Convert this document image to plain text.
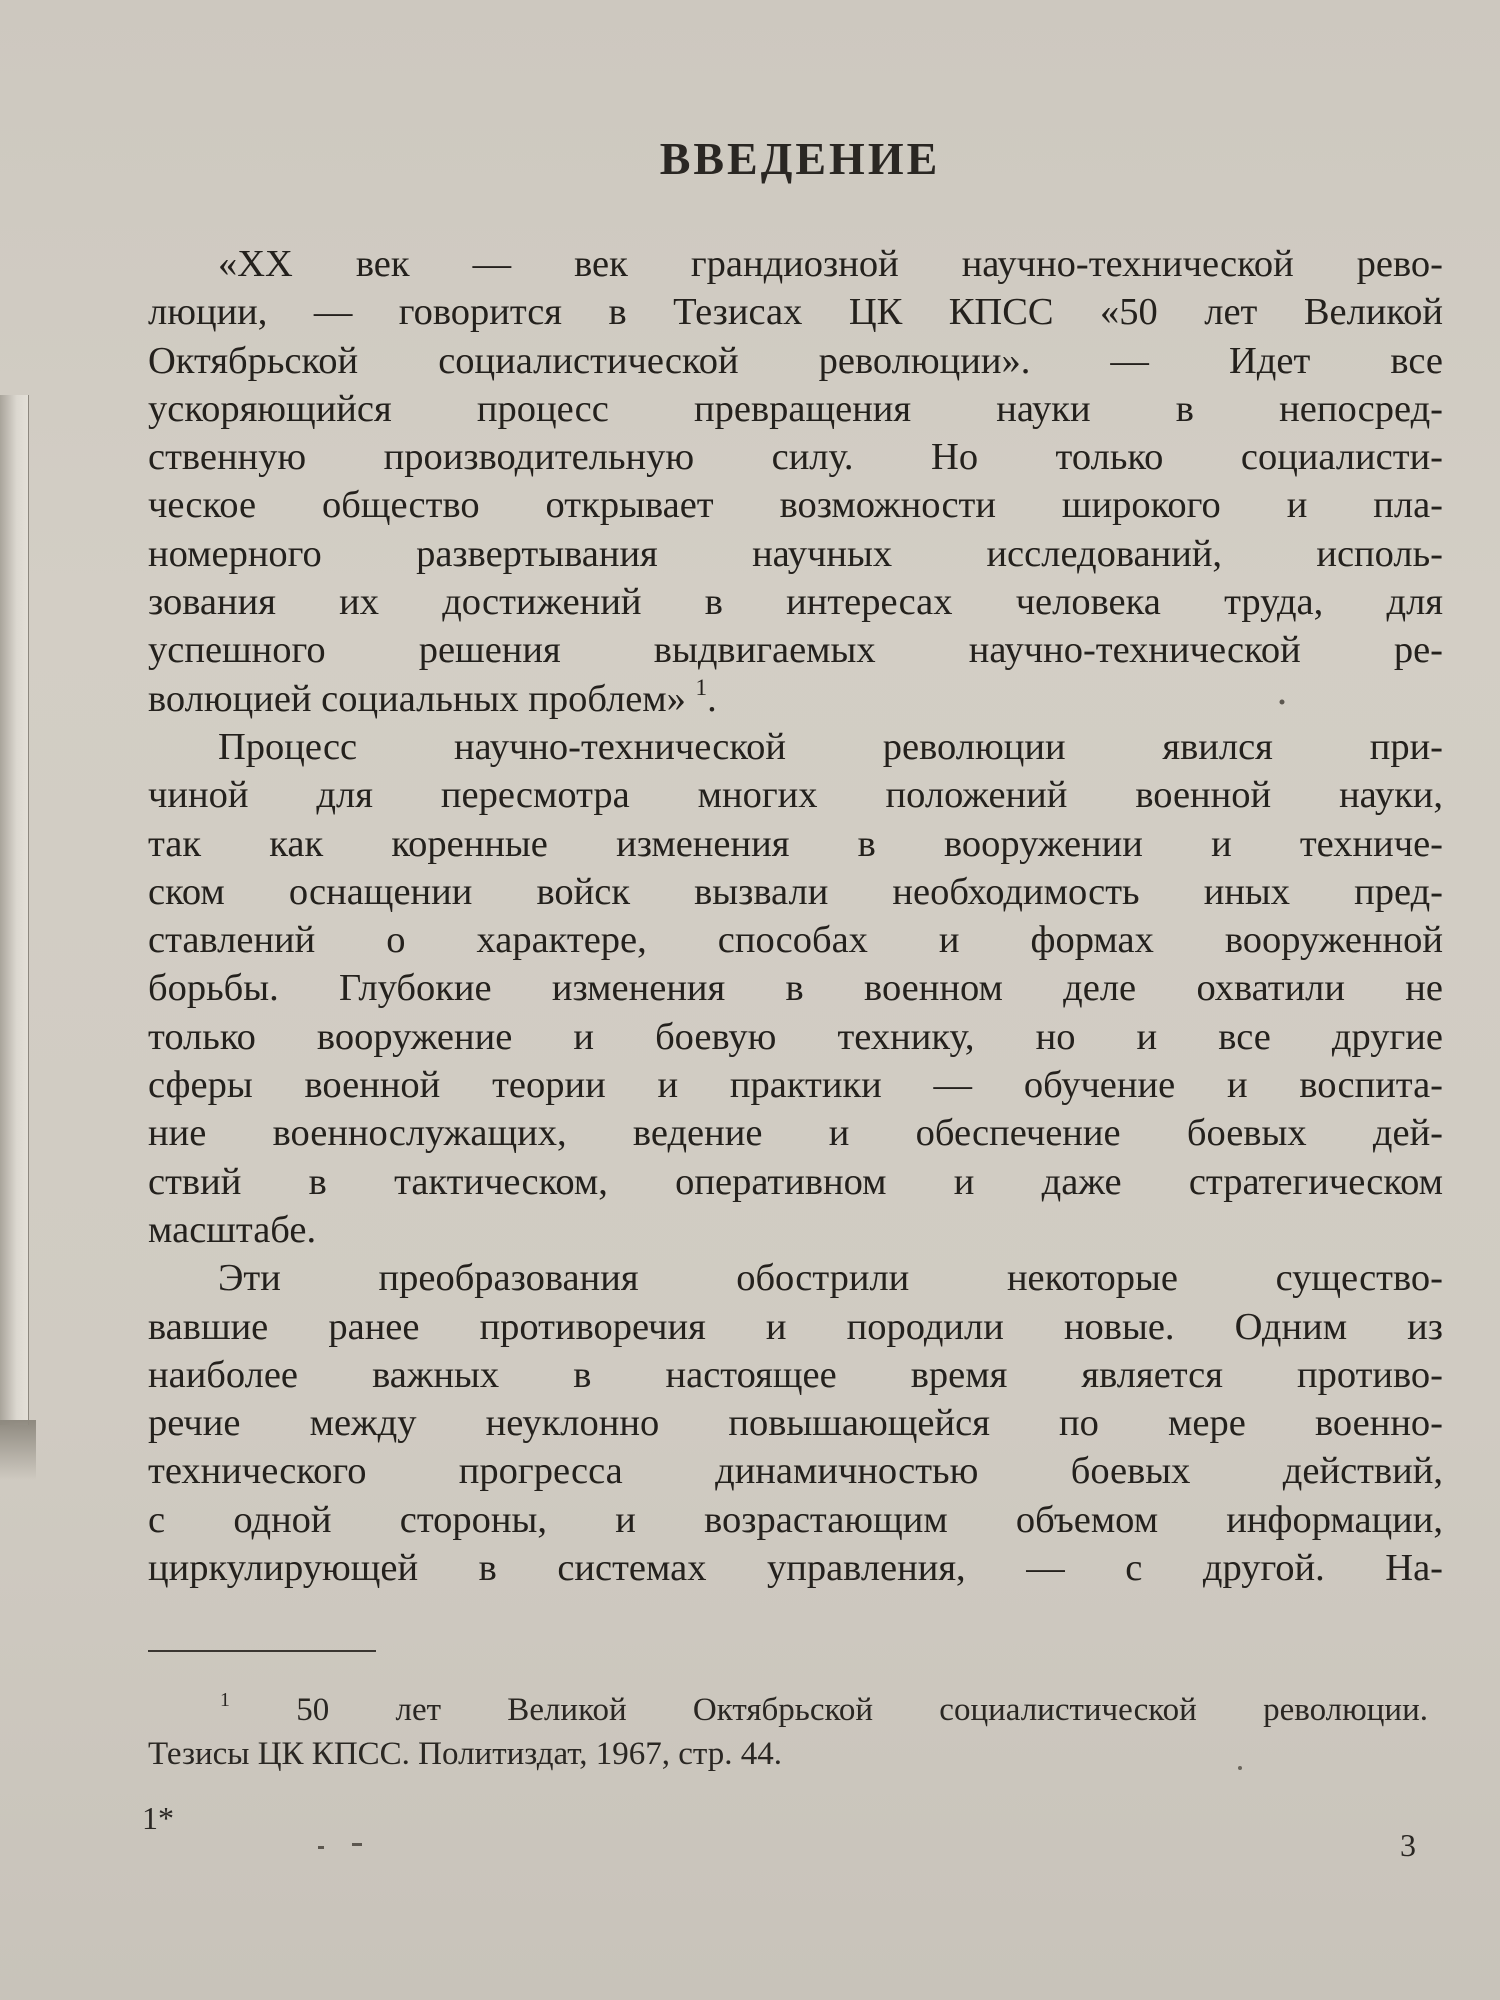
ВВЕДЕНИЕ
«XX век — век грандиозной научно-технической рево-
люции, — говорится в Тезисах ЦК КПСС «50 лет Великой
Октябрьской социалистической революции». — Идет все
ускоряющийся процесс превращения науки в непосред-
ственную производительную силу. Но только социалисти-
ческое общество открывает возможности широкого и пла-
номерного развертывания научных исследований, исполь-
зования их достижений в интересах человека труда, для
успешного решения выдвигаемых научно-технической ре-
волюцией социальных проблем» $^1$.
Процесс научно-технической революции явился при-
чиной для пересмотра многих положений военной науки,
так как коренные изменения в вооружении и техниче-
ском оснащении войск вызвали необходимость иных пред-
ставлений о характере, способах и формах вооруженной
борьбы. Глубокие изменения в военном деле охватили не
только вооружение и боевую технику, но и все другие
сферы военной теории и практики — обучение и воспита-
ние военнослужащих, ведение и обеспечение боевых дей-
ствий в тактическом, оперативном и даже стратегическом
масштабе.
Эти преобразования обострили некоторые существо-
вавшие ранее противоречия и породили новые. Одним из
наиболее важных в настоящее время является противо-
речие между неуклонно повышающейся по мере военно-
технического прогресса динамичностью боевых действий,
с одной стороны, и возрастающим объемом информации,
циркулирующей в системах управления, — с другой. На-
$^1$ 50 лет Великой Октябрьской социалистической революции.
Тезисы ЦК КПСС. Политиздат, 1967, стр. 44.
1*
3
